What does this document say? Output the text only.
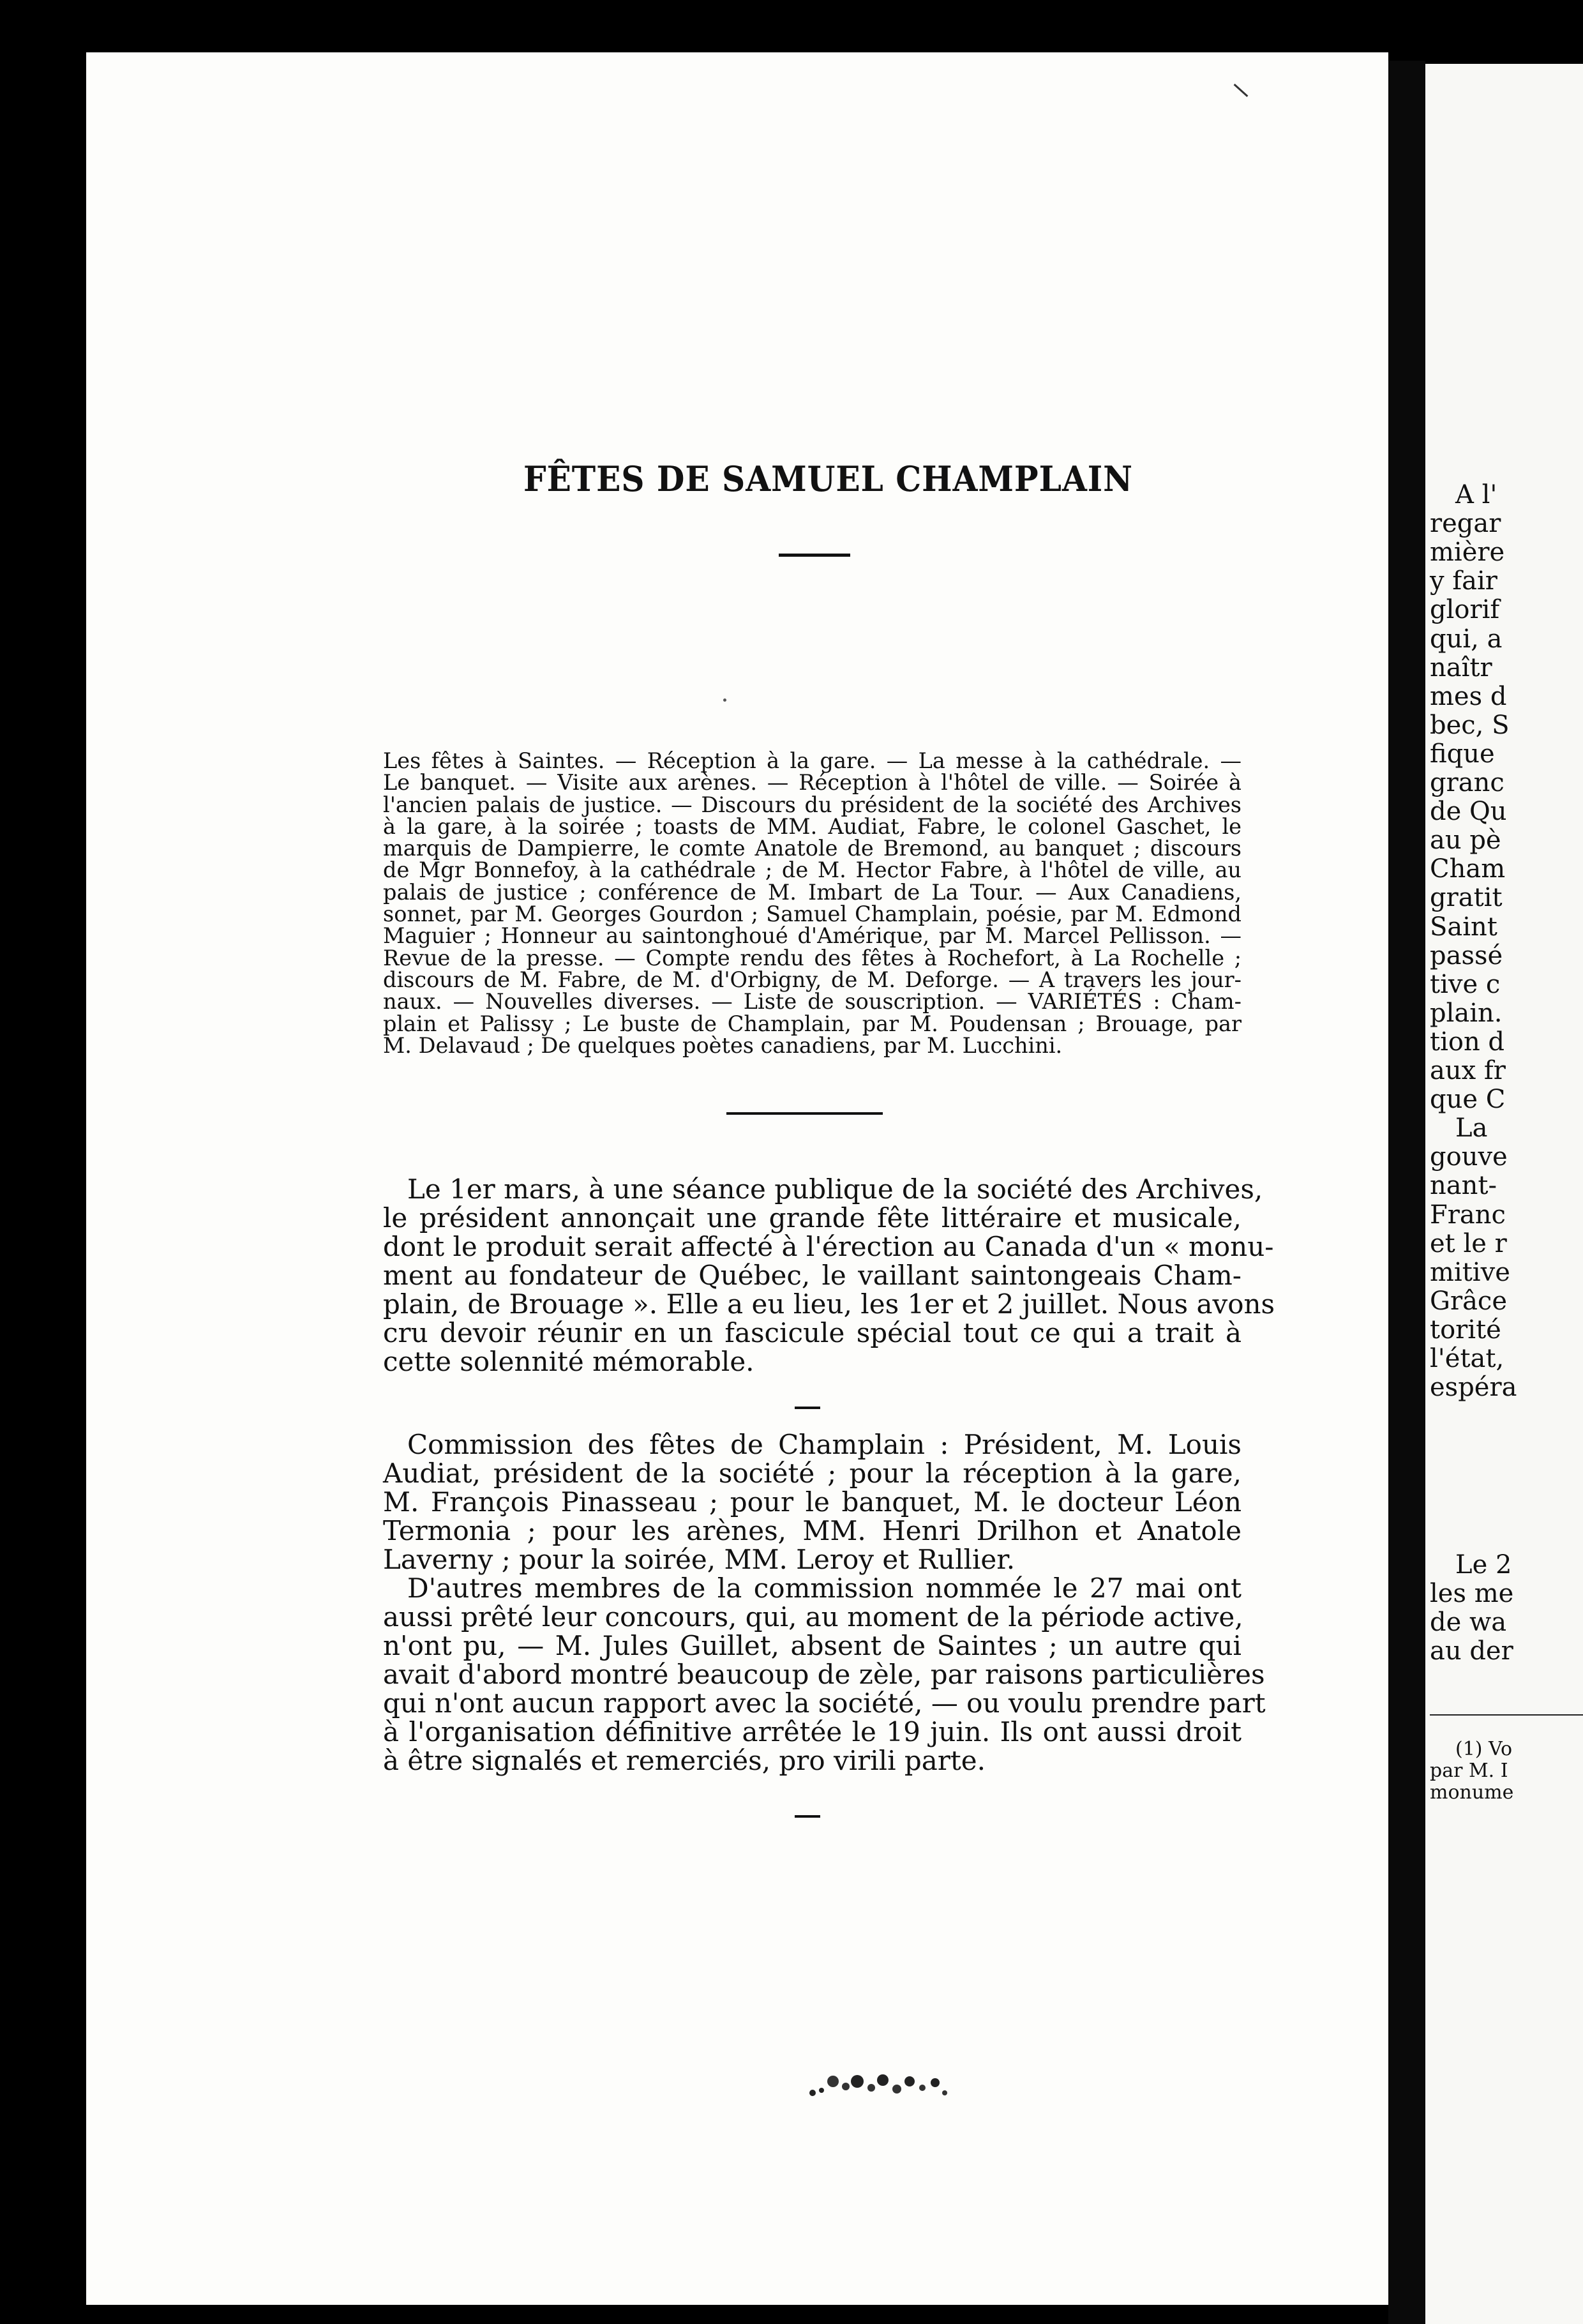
FÊTES DE SAMUEL CHAMPLAIN
Les fêtes à Saintes. — Réception à la gare. — La messe à la cathédrale. —
Le banquet. — Visite aux arènes. — Réception à l'hôtel de ville. — Soirée à
l'ancien palais de justice. — Discours du président de la société des Archives
à la gare, à la soirée ; toasts de MM. Audiat, Fabre, le colonel Gaschet, le
marquis de Dampierre, le comte Anatole de Bremond, au banquet ; discours
de Mgr Bonnefoy, à la cathédrale ; de M. Hector Fabre, à l'hôtel de ville, au
palais de justice ; conférence de M. Imbart de La Tour. — Aux Canadiens,
sonnet, par M. Georges Gourdon ; Samuel Champlain, poésie, par M. Edmond
Maguier ; Honneur au saintonghoué d'Amérique, par M. Marcel Pellisson. —
Revue de la presse. — Compte rendu des fêtes à Rochefort, à La Rochelle ;
discours de M. Fabre, de M. d'Orbigny, de M. Deforge. — A travers les jour-
naux. — Nouvelles diverses. — Liste de souscription. — VARIÉTÉS : Cham-
plain et Palissy ; Le buste de Champlain, par M. Poudensan ; Brouage, par
M. Delavaud ; De quelques poètes canadiens, par M. Lucchini.
Le 1er mars, à une séance publique de la société des Archives,
le président annonçait une grande fête littéraire et musicale,
dont le produit serait affecté à l'érection au Canada d'un « monu-
ment au fondateur de Québec, le vaillant saintongeais Cham-
plain, de Brouage ». Elle a eu lieu, les 1er et 2 juillet. Nous avons
cru devoir réunir en un fascicule spécial tout ce qui a trait à
cette solennité mémorable.
Commission des fêtes de Champlain : Président, M. Louis
Audiat, président de la société ; pour la réception à la gare,
M. François Pinasseau ; pour le banquet, M. le docteur Léon
Termonia ; pour les arènes, MM. Henri Drilhon et Anatole
Laverny ; pour la soirée, MM. Leroy et Rullier.
D'autres membres de la commission nommée le 27 mai ont
aussi prêté leur concours, qui, au moment de la période active,
n'ont pu, — M. Jules Guillet, absent de Saintes ; un autre qui
avait d'abord montré beaucoup de zèle, par raisons particulières
qui n'ont aucun rapport avec la société, — ou voulu prendre part
à l'organisation définitive arrêtée le 19 juin. Ils ont aussi droit
à être signalés et remerciés, pro virili parte.
A l'
regar
mière
y fair
glorif
qui, a
naîtr
mes d
bec, S
fique
granc
de Qu
au pè
Cham
gratit
Saint
passé
tive c
plain.
tion d
aux fr
que C
La
gouve
nant-
Franc
et le r
mitive
Grâce
torité
l'état,
espéra
Le 2
les me
de wa
au der
(1) Vo
par M. I
monume
